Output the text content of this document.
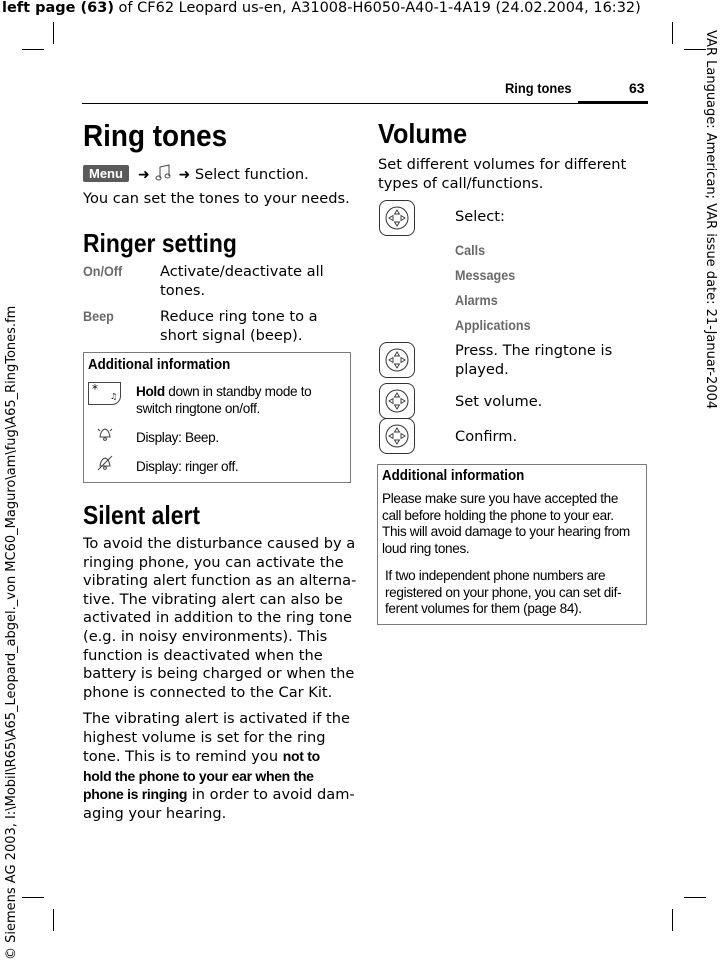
left page (63) of CF62 Leopard us-en, A31008-H6050-A40-1-4A19 (24.02.2004, 16:32)
VAR Language: American; VAR issue date: 21-Januar-2004
© Siemens AG 2003, I:\Mobil\R65\A65_Leopard_abgel._von MC60_Maguro\am\fug\A65_RingTones.fm
Ring tones	63
Ring tones
Menu  ➜  ➜ Select function.
You can set the tones to your needs.
Ringer setting
On/Off	Activate/deactivate all
tones.
Beep	Reduce ring tone to a
short signal (beep).
Additional information
*
♫ Hold down in standby mode to
switch ringtone on/off.
Display: Beep.
Display: ringer off.
Silent alert
To avoid the disturbance caused by a
ringing phone, you can activate the
vibrating alert function as an alterna-
tive. The vibrating alert can also be
activated in addition to the ring tone
(e.g. in noisy environments). This
function is deactivated when the
battery is being charged or when the
phone is connected to the Car Kit.
The vibrating alert is activated if the
highest volume is set for the ring
tone. This is to remind you not to
hold the phone to your ear when the
phone is ringing in order to avoid dam-
aging your hearing.
Volume
Set different volumes for different
types of call/functions.
Select:
Calls
Messages
Alarms
Applications
Press. The ringtone is
played.
Set volume.
Confirm.
Additional information
Please make sure you have accepted the
call before holding the phone to your ear.
This will avoid damage to your hearing from
loud ring tones.
If two independent phone numbers are
registered on your phone, you can set dif-
ferent volumes for them (page 84).
